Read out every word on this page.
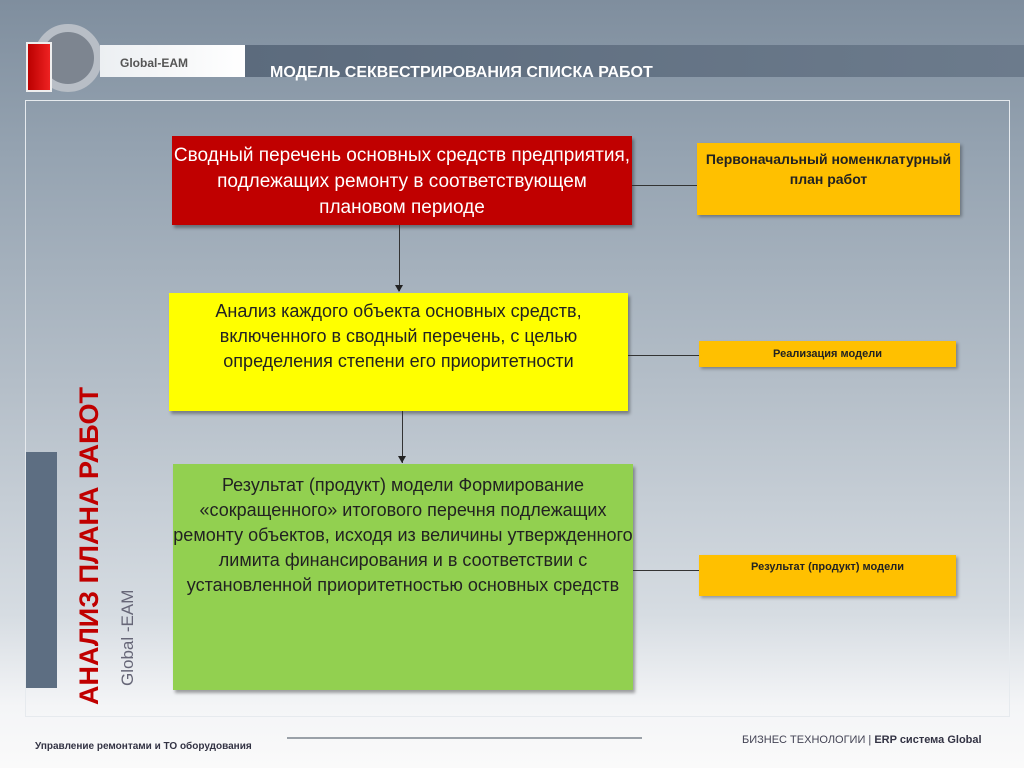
Global-EAM
МОДЕЛЬ СЕКВЕСТРИРОВАНИЯ СПИСКА РАБОТ
АНАЛИЗ ПЛАНА РАБОТ Global -EAM
Сводный перечень основных средств предприятия, подлежащих ремонту в соответствующем плановом периоде
Анализ каждого объекта основных средств, включенного в сводный перечень, с целью определения степени его приоритетности
Результат (продукт) модели Формирование «сокращенного» итогового перечня подлежащих ремонту объектов, исходя из величины утвержденного лимита финансирования и в соответствии с установленной приоритетностью основных средств
Первоначальный номенклатурный план работ
Реализация модели
Результат (продукт) модели
Управление ремонтами и ТО оборудования
БИЗНЕС ТЕХНОЛОГИИ | ERP система Global
